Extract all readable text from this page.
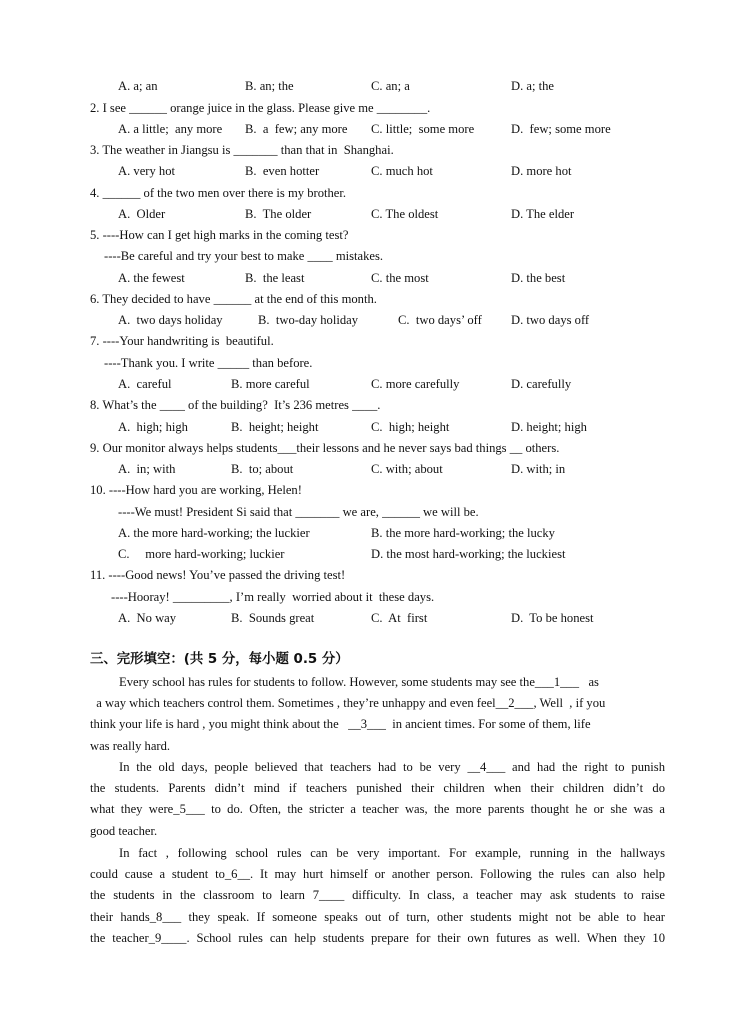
A. a; an	B. an; the	C. an; a	D. a; the
2. I see ______ orange juice in the glass. Please give me ________.
A. a little;  any more B.  a  few; any more C. little;  some more	D.  few; some more
3. The weather in Jiangsu is _______ than that in  Shanghai.
A. very hot	B.  even hotter	C. much hot	D. more hot
4. ______ of the two men over there is my brother.
A.  Older	B.  The older	C. The oldest	D. The elder
5. ----How can I get high marks in the coming test?
----Be careful and try your best to make ____ mistakes.
A. the fewest	B.  the least	C. the most	D. the best
6. They decided to have ______ at the end of this month.
A.  two days holiday	B.  two-day holiday	C.  two days’ off D. two days off
7. ----Your handwriting is  beautiful.
----Thank you. I write _____ than before.
A.  careful	B. more careful	C. more carefully	D. carefully
8. What’s the ____ of the building?  It’s 236 metres ____.
A.  high; high	B.  height; height	C.  high; height	D. height; high
9. Our monitor always helps students___their lessons and he never says bad things __ others.
A.  in; with	B.  to; about	C. with; about	D. with; in
10. ----How hard you are working, Helen!
----We must! President Si said that _______ we are, ______ we will be.
A. the more hard-working; the luckier	B. the more hard-working; the lucky
C.     more hard-working; luckier	D. the most hard-working; the luckiest
11. ----Good news! You’ve passed the driving test!
----Hooray! _________, I’m really  worried about it  these days.
A.  No way	B.  Sounds great	C.  At  first	D.  To be honest
三、完形填空：(共 5 分，每小题 0.5 分）
Every school has rules for students to follow. However, some students may see the___1___   as
a way which teachers control them. Sometimes , they’re unhappy and even feel__2___, Well  , if you
think your life is hard , you might think about the   __3___  in ancient times. For some of them, life
was really hard.
In the old days, people believed that teachers had to be very __4___ and had the right to punish
the students. Parents didn’t mind if teachers punished their children when their children didn’t do
what they were_5___ to do. Often, the stricter a teacher was, the more parents thought he or she was a
good teacher.
In fact , following school rules can be very important. For example, running in the hallways
could cause a student to_6__. It may hurt himself or another person. Following the rules can also help
the students in the classroom to learn 7____ difficulty. In class, a teacher may ask students to raise
their hands_8___ they speak. If someone speaks out of turn, other students might not be able to hear
the teacher_9____. School rules can help students prepare for their own futures as well. When they 10
